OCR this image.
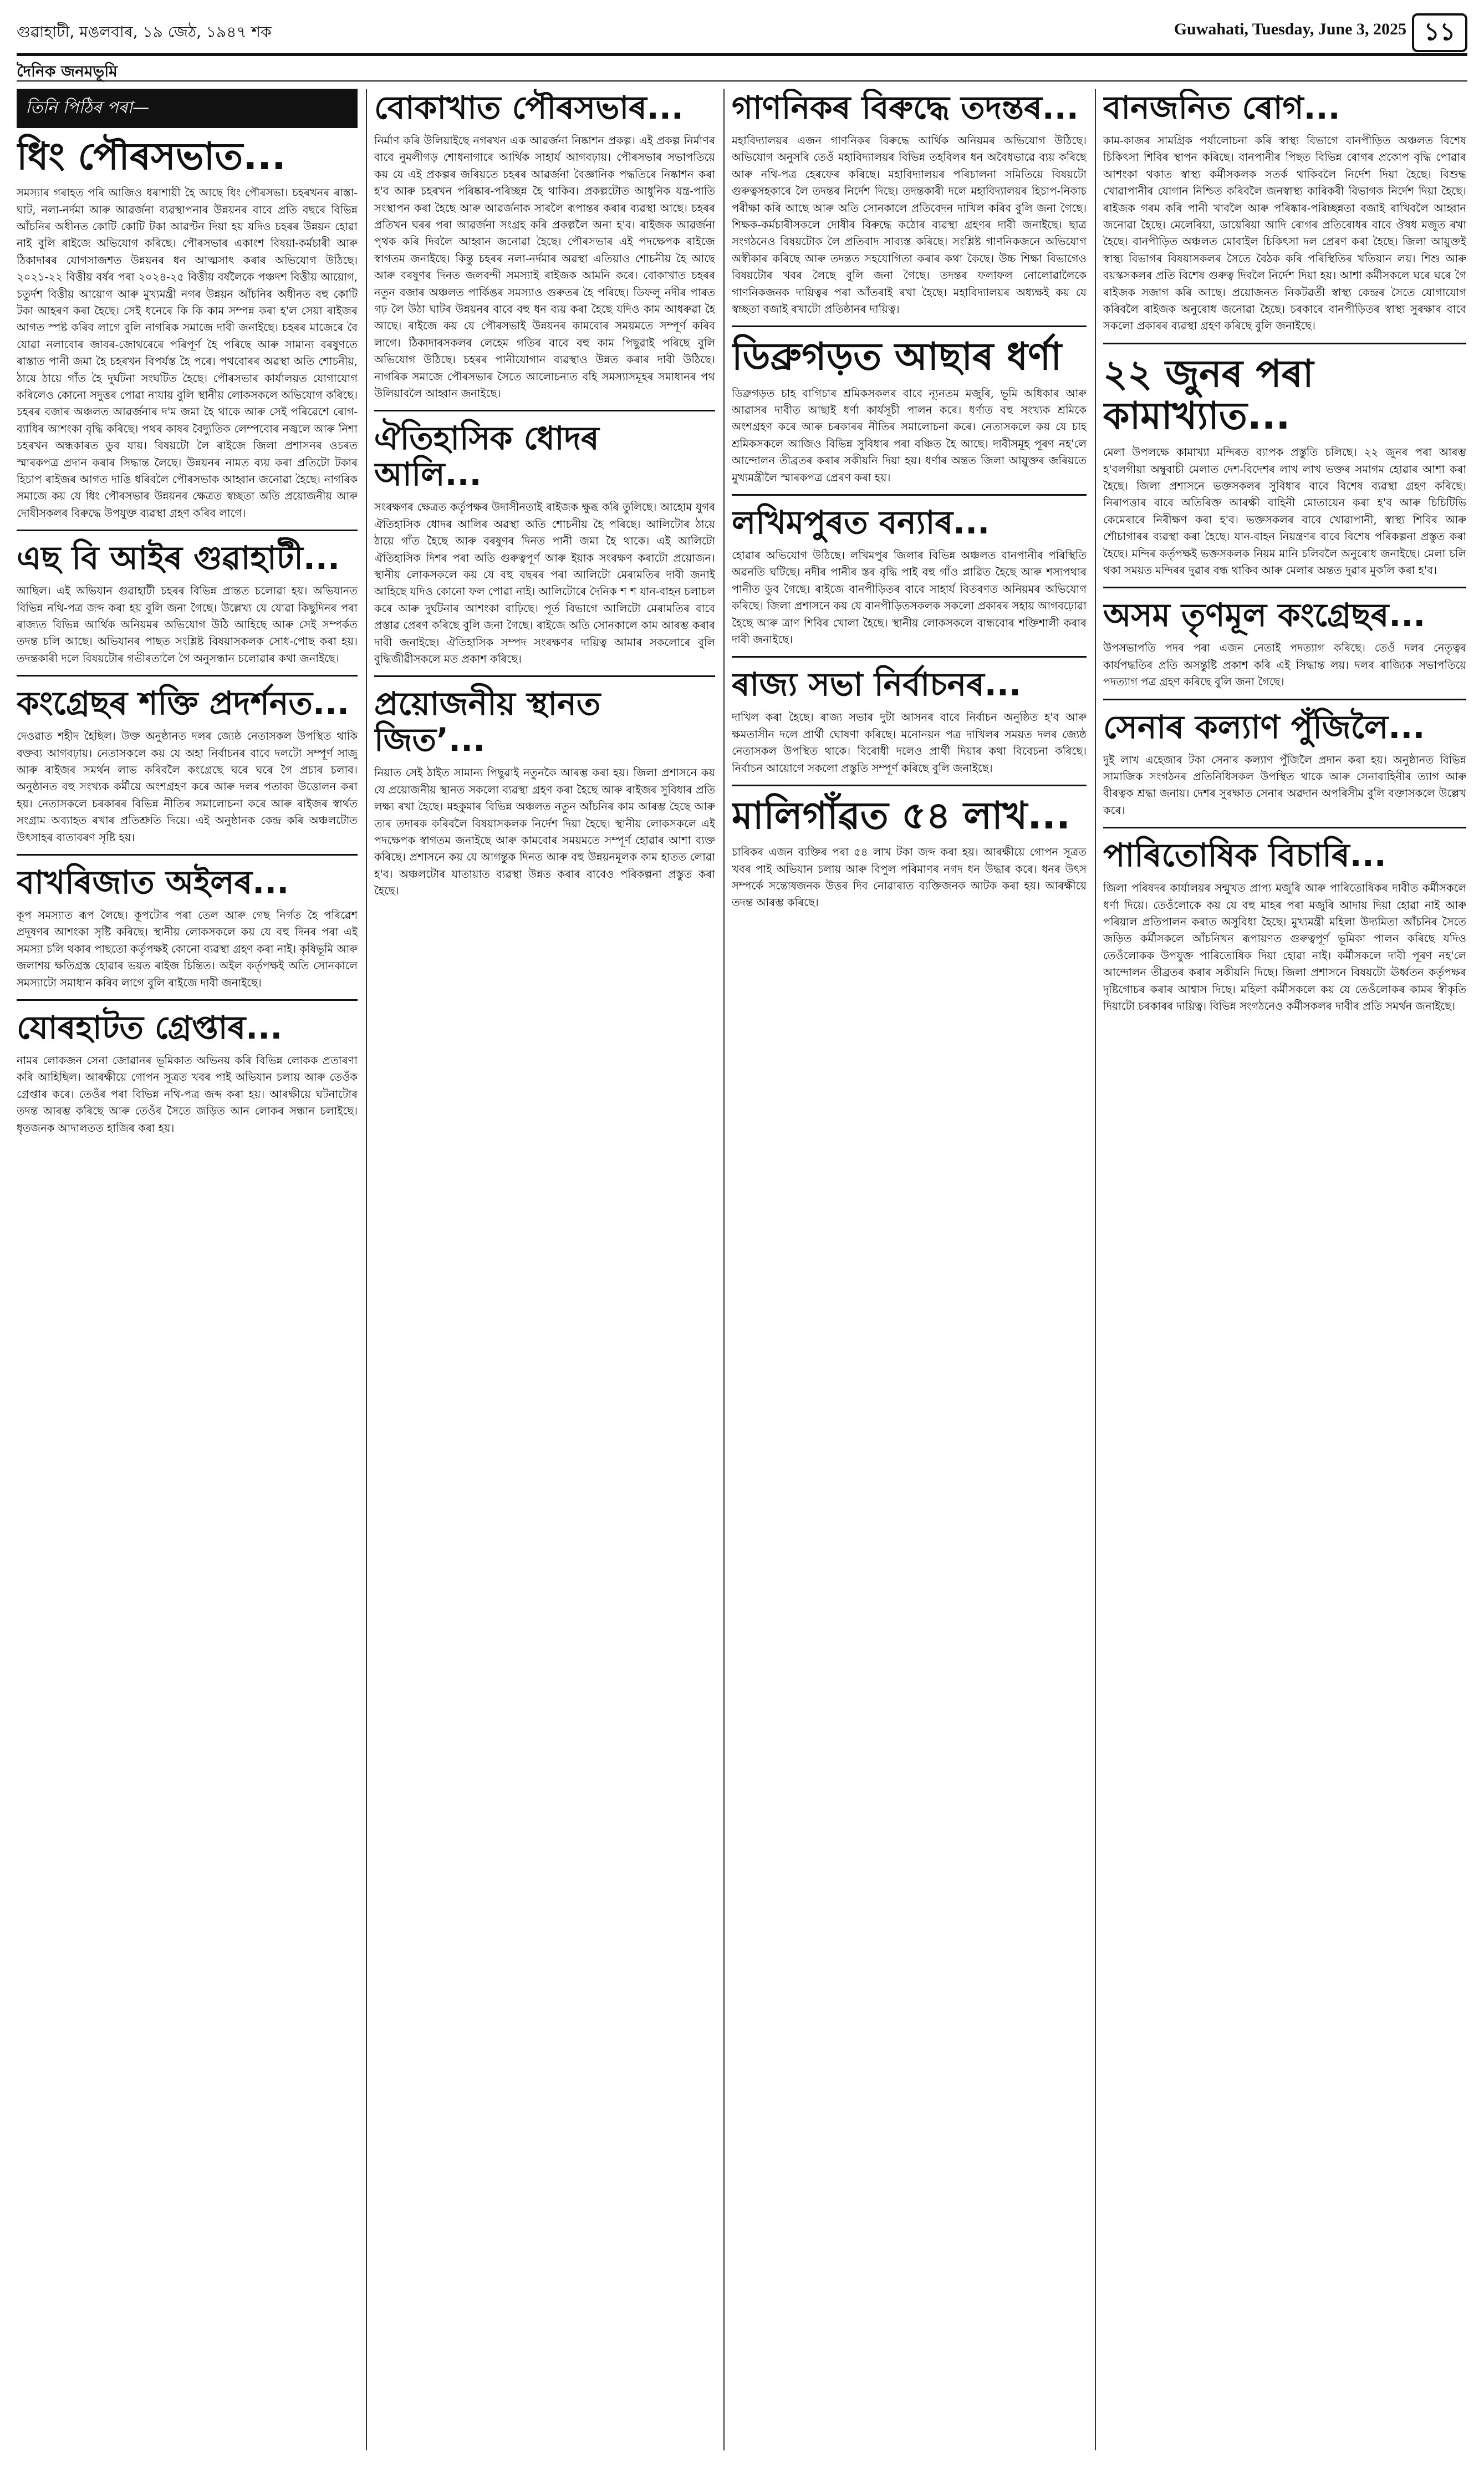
গুৱাহাটী, মঙলবাৰ, ১৯ জেঠ, ১৯৪৭ শক	Guwahati, Tuesday, June 3, 2025 ১১
দৈনিক জনমভূমি
তিনি পিঠিৰ পৰা—
ধিং পৌৰসভাত...

সমস্যাৰ গৰাহত পৰি আজিও ধৰাশায়ী হৈ আছে ধিং পৌৰসভা। চহৰখনৰ ৰাস্তা-ঘাট, নলা-নৰ্দমা আৰু আৱৰ্জনা ব্যৱস্থাপনাৰ উন্নয়নৰ বাবে প্ৰতি বছৰে বিভিন্ন আঁচনিৰ অধীনত কোটি কোটি টকা আৱণ্টন দিয়া হয় যদিও চহৰৰ উন্নয়ন হোৱা নাই বুলি ৰাইজে অভিযোগ কৰিছে। পৌৰসভাৰ একাংশ বিষয়া-কৰ্মচাৰী আৰু ঠিকাদাৰৰ যোগসাজশত উন্নয়নৰ ধন আত্মসাৎ কৰাৰ অভিযোগ উঠিছে। ২০২১-২২ বিত্তীয় বৰ্ষৰ পৰা ২০২৪-২৫ বিত্তীয় বৰ্ষলৈকে পঞ্চদশ বিত্তীয় আয়োগ, চতুৰ্দশ বিত্তীয় আয়োগ আৰু মুখ্যমন্ত্ৰী নগৰ উন্নয়ন আঁচনিৰ অধীনত বহু কোটি টকা আহৰণ কৰা হৈছে। সেই ধনেৰে কি কি কাম সম্পন্ন কৰা হ'ল সেয়া ৰাইজৰ আগত স্পষ্ট কৰিব লাগে বুলি নাগৰিক সমাজে দাবী জনাইছে। চহৰৰ মাজেৰে বৈ যোৱা নলাবোৰ জাবৰ-জোথৰেৰে পৰিপূৰ্ণ হৈ পৰিছে আৰু সামান্য বৰষুণতে ৰাস্তাত পানী জমা হৈ চহৰখন বিপৰ্যস্ত হৈ পৰে। পথবোৰৰ অৱস্থা অতি শোচনীয়, ঠায়ে ঠায়ে গাঁত হৈ দুৰ্ঘটনা সংঘটিত হৈছে। পৌৰসভাৰ কাৰ্যালয়ত যোগাযোগ কৰিলেও কোনো সদুত্তৰ পোৱা নাযায় বুলি স্থানীয় লোকসকলে অভিযোগ কৰিছে। চহৰৰ বজাৰ অঞ্চলত আৱৰ্জনাৰ দ'ম জমা হৈ থাকে আৰু সেই পৰিৱেশে ৰোগ-ব্যাধিৰ আশংকা বৃদ্ধি কৰিছে। পথৰ কাষৰ বৈদ্যুতিক লেম্পবোৰ নজ্বলে আৰু নিশা চহৰখন অন্ধকাৰত ডুব যায়। বিষয়টো লৈ ৰাইজে জিলা প্ৰশাসনৰ ওচৰত স্মাৰকপত্ৰ প্ৰদান কৰাৰ সিদ্ধান্ত লৈছে। উন্নয়নৰ নামত ব্যয় কৰা প্ৰতিটো টকাৰ হিচাপ ৰাইজৰ আগত দাঙি ধৰিবলৈ পৌৰসভাক আহ্বান জনোৱা হৈছে। নাগৰিক সমাজে কয় যে ধিং পৌৰসভাৰ উন্নয়নৰ ক্ষেত্ৰত স্বচ্ছতা অতি প্ৰয়োজনীয় আৰু দোষীসকলৰ বিৰুদ্ধে উপযুক্ত ব্যৱস্থা গ্ৰহণ কৰিব লাগে।

এছ বি আইৰ গুৱাহাটী...

আছিল। এই অভিযান গুৱাহাটী চহৰৰ বিভিন্ন প্ৰান্তত চলোৱা হয়। অভিযানত বিভিন্ন নথি-পত্ৰ জব্দ কৰা হয় বুলি জনা গৈছে। উল্লেখ্য যে যোৱা কিছুদিনৰ পৰা ৰাজ্যত বিভিন্ন আৰ্থিক অনিয়মৰ অভিযোগ উঠি আহিছে আৰু সেই সম্পৰ্কত তদন্ত চলি আছে। অভিযানৰ পাছত সংশ্লিষ্ট বিষয়াসকলক সোধ-পোছ কৰা হয়। তদন্তকাৰী দলে বিষয়টোৰ গভীৰতালৈ গৈ অনুসন্ধান চলোৱাৰ কথা জনাইছে।

কংগ্ৰেছৰ শক্তি প্ৰদৰ্শনত...

দেওৱাত শহীদ হৈছিল। উক্ত অনুষ্ঠানত দলৰ জ্যেষ্ঠ নেতাসকল উপস্থিত থাকি বক্তব্য আগবঢ়ায়। নেতাসকলে কয় যে অহা নিৰ্বাচনৰ বাবে দলটো সম্পূৰ্ণ সাজু আৰু ৰাইজৰ সমৰ্থন লাভ কৰিবলৈ কংগ্ৰেছে ঘৰে ঘৰে গৈ প্ৰচাৰ চলাব। অনুষ্ঠানত বহু সংখ্যক কৰ্মীয়ে অংশগ্ৰহণ কৰে আৰু দলৰ পতাকা উত্তোলন কৰা হয়। নেতাসকলে চৰকাৰৰ বিভিন্ন নীতিৰ সমালোচনা কৰে আৰু ৰাইজৰ স্বাৰ্থত সংগ্ৰাম অব্যাহত ৰখাৰ প্ৰতিশ্ৰুতি দিয়ে। এই অনুষ্ঠানক কেন্দ্ৰ কৰি অঞ্চলটোত উৎসাহৰ বাতাবৰণ সৃষ্টি হয়।

বাখৰিজাত অইলৰ...

কূপ সমস্যাত ৰূপ লৈছে। কূপটোৰ পৰা তেল আৰু গেছ নিৰ্গত হৈ পৰিৱেশ প্ৰদূষণৰ আশংকা সৃষ্টি কৰিছে। স্থানীয় লোকসকলে কয় যে বহু দিনৰ পৰা এই সমস্যা চলি থকাৰ পাছতো কৰ্তৃপক্ষই কোনো ব্যৱস্থা গ্ৰহণ কৰা নাই। কৃষিভূমি আৰু জলাশয় ক্ষতিগ্ৰস্ত হোৱাৰ ভয়ত ৰাইজ চিন্তিত। অইল কৰ্তৃপক্ষই অতি সোনকালে সমস্যাটো সমাধান কৰিব লাগে বুলি ৰাইজে দাবী জনাইছে।

যোৰহাটত গ্ৰেপ্তাৰ...

নামৰ লোকজন সেনা জোৱানৰ ভূমিকাত অভিনয় কৰি বিভিন্ন লোকক প্ৰতাৰণা কৰি আহিছিল। আৰক্ষীয়ে গোপন সূত্ৰত খবৰ পাই অভিযান চলায় আৰু তেওঁক গ্ৰেপ্তাৰ কৰে। তেওঁৰ পৰা বিভিন্ন নথি-পত্ৰ জব্দ কৰা হয়। আৰক্ষীয়ে ঘটনাটোৰ তদন্ত আৰম্ভ কৰিছে আৰু তেওঁৰ সৈতে জড়িত আন লোকৰ সন্ধান চলাইছে। ধৃতজনক আদালতত হাজিৰ কৰা হয়।

বোকাখাত পৌৰসভাৰ...

নিৰ্মাণ কৰি উলিয়াইছে নগৰখন এক আৱৰ্জনা নিষ্কাশন প্ৰকল্প। এই প্ৰকল্প নিৰ্মাণৰ বাবে নুমলীগড় শোধনাগাৰে আৰ্থিক সাহাৰ্য আগবঢ়ায়। পৌৰসভাৰ সভাপতিয়ে কয় যে এই প্ৰকল্পৰ জৰিয়তে চহৰৰ আৱৰ্জনা বৈজ্ঞানিক পদ্ধতিৰে নিষ্কাশন কৰা হ'ব আৰু চহৰখন পৰিষ্কাৰ-পৰিচ্ছন্ন হৈ থাকিব। প্ৰকল্পটোত আধুনিক যন্ত্ৰ-পাতি সংস্থাপন কৰা হৈছে আৰু আৱৰ্জনাক সাৰলৈ ৰূপান্তৰ কৰাৰ ব্যৱস্থা আছে। চহৰৰ প্ৰতিখন ঘৰৰ পৰা আৱৰ্জনা সংগ্ৰহ কৰি প্ৰকল্পলৈ অনা হ'ব। ৰাইজক আৱৰ্জনা পৃথক কৰি দিবলৈ আহ্বান জনোৱা হৈছে। পৌৰসভাৰ এই পদক্ষেপক ৰাইজে স্বাগতম জনাইছে। কিন্তু চহৰৰ নলা-নৰ্দমাৰ অৱস্থা এতিয়াও শোচনীয় হৈ আছে আৰু বৰষুণৰ দিনত জলবন্দী সমস্যাই ৰাইজক আমনি কৰে। বোকাখাত চহৰৰ নতুন বজাৰ অঞ্চলত পাৰ্কিঙৰ সমস্যাও গুৰুতৰ হৈ পৰিছে। ডিফলু নদীৰ পাৰত গঢ় লৈ উঠা ঘাটৰ উন্নয়নৰ বাবে বহু ধন ব্যয় কৰা হৈছে যদিও কাম আধৰুৱা হৈ আছে। ৰাইজে কয় যে পৌৰসভাই উন্নয়নৰ কামবোৰ সময়মতে সম্পূৰ্ণ কৰিব লাগে। ঠিকাদাৰসকলৰ লেহেম গতিৰ বাবে বহু কাম পিছুৱাই পৰিছে বুলি অভিযোগ উঠিছে। চহৰৰ পানীযোগান ব্যৱস্থাও উন্নত কৰাৰ দাবী উঠিছে। নাগৰিক সমাজে পৌৰসভাৰ সৈতে আলোচনাত বহি সমস্যাসমূহৰ সমাধানৰ পথ উলিয়াবলৈ আহ্বান জনাইছে।

ঐতিহাসিক ধোদৰ আলি...

সংৰক্ষণৰ ক্ষেত্ৰত কৰ্তৃপক্ষৰ উদাসীনতাই ৰাইজক ক্ষুব্ধ কৰি তুলিছে। আহোম যুগৰ ঐতিহাসিক ধোদৰ আলিৰ অৱস্থা অতি শোচনীয় হৈ পৰিছে। আলিটোৰ ঠায়ে ঠায়ে গাঁত হৈছে আৰু বৰষুণৰ দিনত পানী জমা হৈ থাকে। এই আলিটো ঐতিহাসিক দিশৰ পৰা অতি গুৰুত্বপূৰ্ণ আৰু ইয়াক সংৰক্ষণ কৰাটো প্ৰয়োজন। স্থানীয় লোকসকলে কয় যে বহু বছৰৰ পৰা আলিটো মেৰামতিৰ দাবী জনাই আহিছে যদিও কোনো ফল পোৱা নাই। আলিটোৰে দৈনিক শ শ যান-বাহন চলাচল কৰে আৰু দুৰ্ঘটনাৰ আশংকা বাঢ়িছে। পূৰ্ত বিভাগে আলিটো মেৰামতিৰ বাবে প্ৰস্তাৱ প্ৰেৰণ কৰিছে বুলি জনা গৈছে। ৰাইজে অতি সোনকালে কাম আৰম্ভ কৰাৰ দাবী জনাইছে। ঐতিহাসিক সম্পদ সংৰক্ষণৰ দায়িত্ব আমাৰ সকলোৰে বুলি বুদ্ধিজীৱীসকলে মত প্ৰকাশ কৰিছে।

প্ৰয়োজনীয় স্থানত জিত’...

নিয়াত সেই ঠাইত সামান্য পিছুৱাই নতুনকৈ আৰম্ভ কৰা হয়। জিলা প্ৰশাসনে কয় যে প্ৰয়োজনীয় স্থানত সকলো ব্যৱস্থা গ্ৰহণ কৰা হৈছে আৰু ৰাইজৰ সুবিধাৰ প্ৰতি লক্ষ্য ৰখা হৈছে। মহকুমাৰ বিভিন্ন অঞ্চলত নতুন আঁচনিৰ কাম আৰম্ভ হৈছে আৰু তাৰ তদাৰক কৰিবলৈ বিষয়াসকলক নিৰ্দেশ দিয়া হৈছে। স্থানীয় লোকসকলে এই পদক্ষেপক স্বাগতম জনাইছে আৰু কামবোৰ সময়মতে সম্পূৰ্ণ হোৱাৰ আশা ব্যক্ত কৰিছে। প্ৰশাসনে কয় যে আগন্তুক দিনত আৰু বহু উন্নয়নমূলক কাম হাতত লোৱা হ'ব। অঞ্চলটোৰ যাতায়াত ব্যৱস্থা উন্নত কৰাৰ বাবেও পৰিকল্পনা প্ৰস্তুত কৰা হৈছে।

গাণনিকৰ বিৰুদ্ধে তদন্তৰ...

মহাবিদ্যালয়ৰ এজন গাণনিকৰ বিৰুদ্ধে আৰ্থিক অনিয়মৰ অভিযোগ উঠিছে। অভিযোগ অনুসৰি তেওঁ মহাবিদ্যালয়ৰ বিভিন্ন তহবিলৰ ধন অবৈধভাৱে ব্যয় কৰিছে আৰু নথি-পত্ৰ হেৰফেৰ কৰিছে। মহাবিদ্যালয়ৰ পৰিচালনা সমিতিয়ে বিষয়টো গুৰুত্বসহকাৰে লৈ তদন্তৰ নিৰ্দেশ দিছে। তদন্তকাৰী দলে মহাবিদ্যালয়ৰ হিচাপ-নিকাচ পৰীক্ষা কৰি আছে আৰু অতি সোনকালে প্ৰতিবেদন দাখিল কৰিব বুলি জনা গৈছে। শিক্ষক-কৰ্মচাৰীসকলে দোষীৰ বিৰুদ্ধে কঠোৰ ব্যৱস্থা গ্ৰহণৰ দাবী জনাইছে। ছাত্ৰ সংগঠনেও বিষয়টোক লৈ প্ৰতিবাদ সাব্যস্ত কৰিছে। সংশ্লিষ্ট গাণনিকজনে অভিযোগ অস্বীকাৰ কৰিছে আৰু তদন্তত সহযোগিতা কৰাৰ কথা কৈছে। উচ্চ শিক্ষা বিভাগেও বিষয়টোৰ খবৰ লৈছে বুলি জনা গৈছে। তদন্তৰ ফলাফল নোলোৱালৈকে গাণনিকজনক দায়িত্বৰ পৰা আঁতৰাই ৰখা হৈছে। মহাবিদ্যালয়ৰ অধ্যক্ষই কয় যে স্বচ্ছতা বজাই ৰখাটো প্ৰতিষ্ঠানৰ দায়িত্ব।

ডিব্ৰুগড়ত আছাৰ ধৰ্ণা

ডিব্ৰুগড়ত চাহ বাগিচাৰ শ্ৰমিকসকলৰ বাবে ন্যূনতম মজুৰি, ভূমি অধিকাৰ আৰু আৱাসৰ দাবীত আছাই ধৰ্ণা কাৰ্যসূচী পালন কৰে। ধৰ্ণাত বহু সংখ্যক শ্ৰমিকে অংশগ্ৰহণ কৰে আৰু চৰকাৰৰ নীতিৰ সমালোচনা কৰে। নেতাসকলে কয় যে চাহ শ্ৰমিকসকলে আজিও বিভিন্ন সুবিধাৰ পৰা বঞ্চিত হৈ আছে। দাবীসমূহ পূৰণ নহ'লে আন্দোলন তীব্ৰতৰ কৰাৰ সকীয়নি দিয়া হয়। ধৰ্ণাৰ অন্তত জিলা আয়ুক্তৰ জৰিয়তে মুখ্যমন্ত্ৰীলৈ স্মাৰকপত্ৰ প্ৰেৰণ কৰা হয়।

লখিমপুৰত বন্যাৰ...

হোৱাৰ অভিযোগ উঠিছে। লখিমপুৰ জিলাৰ বিভিন্ন অঞ্চলত বানপানীৰ পৰিস্থিতি অৱনতি ঘটিছে। নদীৰ পানীৰ স্তৰ বৃদ্ধি পাই বহু গাঁও প্লাৱিত হৈছে আৰু শস্যপথাৰ পানীত ডুব গৈছে। ৰাইজে বানপীড়িতৰ বাবে সাহাৰ্য বিতৰণত অনিয়মৰ অভিযোগ কৰিছে। জিলা প্ৰশাসনে কয় যে বানপীড়িতসকলক সকলো প্ৰকাৰৰ সহায় আগবঢ়োৱা হৈছে আৰু ত্ৰাণ শিবিৰ খোলা হৈছে। স্থানীয় লোকসকলে বান্ধবোৰ শক্তিশালী কৰাৰ দাবী জনাইছে।

ৰাজ্য সভা নিৰ্বাচনৰ...

দাখিল কৰা হৈছে। ৰাজ্য সভাৰ দুটা আসনৰ বাবে নিৰ্বাচন অনুষ্ঠিত হ'ব আৰু ক্ষমতাসীন দলে প্ৰাৰ্থী ঘোষণা কৰিছে। মনোনয়ন পত্ৰ দাখিলৰ সময়ত দলৰ জ্যেষ্ঠ নেতাসকল উপস্থিত থাকে। বিৰোধী দলেও প্ৰাৰ্থী দিয়াৰ কথা বিবেচনা কৰিছে। নিৰ্বাচন আয়োগে সকলো প্ৰস্তুতি সম্পূৰ্ণ কৰিছে বুলি জনাইছে।

মালিগাঁৱত ৫৪ লাখ...

চাৰিকৰ এজন ব্যক্তিৰ পৰা ৫৪ লাখ টকা জব্দ কৰা হয়। আৰক্ষীয়ে গোপন সূত্ৰত খবৰ পাই অভিযান চলায় আৰু বিপুল পৰিমাণৰ নগদ ধন উদ্ধাৰ কৰে। ধনৰ উৎস সম্পৰ্কে সন্তোষজনক উত্তৰ দিব নোৱাৰাত ব্যক্তিজনক আটক কৰা হয়। আৰক্ষীয়ে তদন্ত আৰম্ভ কৰিছে।

বানজনিত ৰোগ...

কাম-কাজৰ সামগ্ৰিক পৰ্যালোচনা কৰি স্বাস্থ্য বিভাগে বানপীড়িত অঞ্চলত বিশেষ চিকিৎসা শিবিৰ স্থাপন কৰিছে। বানপানীৰ পিছত বিভিন্ন ৰোগৰ প্ৰকোপ বৃদ্ধি পোৱাৰ আশংকা থকাত স্বাস্থ্য কৰ্মীসকলক সতৰ্ক থাকিবলৈ নিৰ্দেশ দিয়া হৈছে। বিশুদ্ধ খোৱাপানীৰ যোগান নিশ্চিত কৰিবলৈ জনস্বাস্থ্য কাৰিকৰী বিভাগক নিৰ্দেশ দিয়া হৈছে। ৰাইজক গৰম কৰি পানী খাবলৈ আৰু পৰিষ্কাৰ-পৰিচ্ছন্নতা বজাই ৰাখিবলৈ আহ্বান জনোৱা হৈছে। মেলেৰিয়া, ডায়েৰিয়া আদি ৰোগৰ প্ৰতিৰোধৰ বাবে ঔষধ মজুত ৰখা হৈছে। বানপীড়িত অঞ্চলত মোবাইল চিকিৎসা দল প্ৰেৰণ কৰা হৈছে। জিলা আয়ুক্তই স্বাস্থ্য বিভাগৰ বিষয়াসকলৰ সৈতে বৈঠক কৰি পৰিস্থিতিৰ খতিয়ান লয়। শিশু আৰু বয়স্কসকলৰ প্ৰতি বিশেষ গুৰুত্ব দিবলৈ নিৰ্দেশ দিয়া হয়। আশা কৰ্মীসকলে ঘৰে ঘৰে গৈ ৰাইজক সজাগ কৰি আছে। প্ৰয়োজনত নিকটৱৰ্তী স্বাস্থ্য কেন্দ্ৰৰ সৈতে যোগাযোগ কৰিবলৈ ৰাইজক অনুৰোধ জনোৱা হৈছে। চৰকাৰে বানপীড়িতৰ স্বাস্থ্য সুৰক্ষাৰ বাবে সকলো প্ৰকাৰৰ ব্যৱস্থা গ্ৰহণ কৰিছে বুলি জনাইছে।

২২ জুনৰ পৰা কামাখ্যাত...

মেলা উপলক্ষে কামাখ্যা মন্দিৰত ব্যাপক প্ৰস্তুতি চলিছে। ২২ জুনৰ পৰা আৰম্ভ হ'বলগীয়া অম্বুবাচী মেলাত দেশ-বিদেশৰ লাখ লাখ ভক্তৰ সমাগম হোৱাৰ আশা কৰা হৈছে। জিলা প্ৰশাসনে ভক্তসকলৰ সুবিধাৰ বাবে বিশেষ ব্যৱস্থা গ্ৰহণ কৰিছে। নিৰাপত্তাৰ বাবে অতিৰিক্ত আৰক্ষী বাহিনী মোতায়েন কৰা হ'ব আৰু চিচিটিভি কেমেৰাৰে নিৰীক্ষণ কৰা হ'ব। ভক্তসকলৰ বাবে খোৱাপানী, স্বাস্থ্য শিবিৰ আৰু শৌচাগাৰৰ ব্যৱস্থা কৰা হৈছে। যান-বাহন নিয়ন্ত্ৰণৰ বাবে বিশেষ পৰিকল্পনা প্ৰস্তুত কৰা হৈছে। মন্দিৰ কৰ্তৃপক্ষই ভক্তসকলক নিয়ম মানি চলিবলৈ অনুৰোধ জনাইছে। মেলা চলি থকা সময়ত মন্দিৰৰ দুৱাৰ বন্ধ থাকিব আৰু মেলাৰ অন্তত দুৱাৰ মুকলি কৰা হ'ব।

অসম তৃণমূল কংগ্ৰেছৰ...

উপসভাপতি পদৰ পৰা এজন নেতাই পদত্যাগ কৰিছে। তেওঁ দলৰ নেতৃত্বৰ কাৰ্যপদ্ধতিৰ প্ৰতি অসন্তুষ্টি প্ৰকাশ কৰি এই সিদ্ধান্ত লয়। দলৰ ৰাজ্যিক সভাপতিয়ে পদত্যাগ পত্ৰ গ্ৰহণ কৰিছে বুলি জনা গৈছে।

সেনাৰ কল্যাণ পুঁজিলৈ...

দুই লাখ এহেজাৰ টকা সেনাৰ কল্যাণ পুঁজিলৈ প্ৰদান কৰা হয়। অনুষ্ঠানত বিভিন্ন সামাজিক সংগঠনৰ প্ৰতিনিধিসকল উপস্থিত থাকে আৰু সেনাবাহিনীৰ ত্যাগ আৰু বীৰত্বক শ্ৰদ্ধা জনায়। দেশৰ সুৰক্ষাত সেনাৰ অৱদান অপৰিসীম বুলি বক্তাসকলে উল্লেখ কৰে।

পাৰিতোষিক বিচাৰি...

জিলা পৰিষদৰ কাৰ্যালয়ৰ সন্মুখত প্ৰাপ্য মজুৰি আৰু পাৰিতোষিকৰ দাবীত কৰ্মীসকলে ধৰ্ণা দিয়ে। তেওঁলোকে কয় যে বহু মাহৰ পৰা মজুৰি আদায় দিয়া হোৱা নাই আৰু পৰিয়াল প্ৰতিপালন কৰাত অসুবিধা হৈছে। মুখ্যমন্ত্ৰী মহিলা উদ্যমিতা আঁচনিৰ সৈতে জড়িত কৰ্মীসকলে আঁচনিখন ৰূপায়ণত গুৰুত্বপূৰ্ণ ভূমিকা পালন কৰিছে যদিও তেওঁলোকক উপযুক্ত পাৰিতোষিক দিয়া হোৱা নাই। কৰ্মীসকলে দাবী পূৰণ নহ'লে আন্দোলন তীব্ৰতৰ কৰাৰ সকীয়নি দিছে। জিলা প্ৰশাসনে বিষয়টো ঊৰ্ধ্বতন কৰ্তৃপক্ষৰ দৃষ্টিগোচৰ কৰাৰ আশ্বাস দিছে। মহিলা কৰ্মীসকলে কয় যে তেওঁলোকৰ কামৰ স্বীকৃতি দিয়াটো চৰকাৰৰ দায়িত্ব। বিভিন্ন সংগঠনেও কৰ্মীসকলৰ দাবীৰ প্ৰতি সমৰ্থন জনাইছে।
